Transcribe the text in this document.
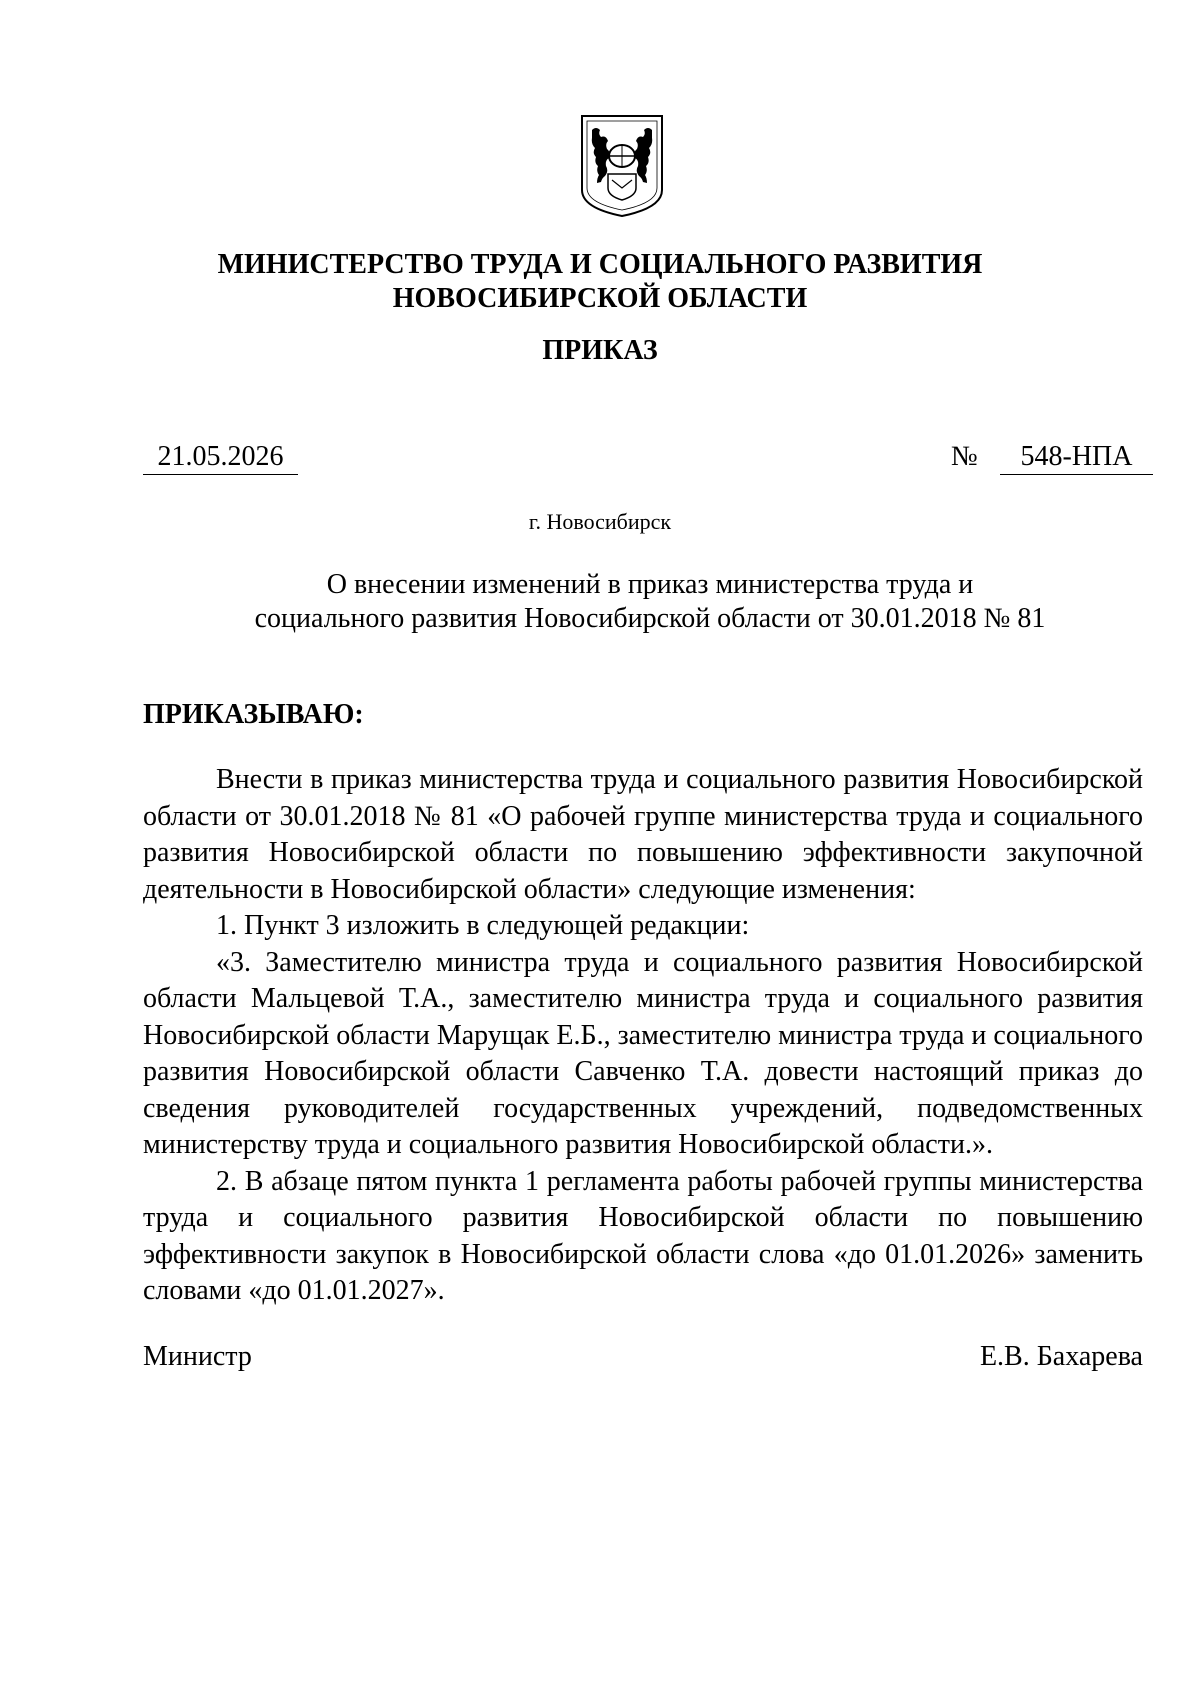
МИНИСТЕРСТВО ТРУДА И СОЦИАЛЬНОГО РАЗВИТИЯ
НОВОСИБИРСКОЙ ОБЛАСТИ
ПРИКАЗ
21.05.2026	№	548-НПА
г. Новосибирск
О внесении изменений в приказ министерства труда и
социального развития Новосибирской области от 30.01.2018 № 81
ПРИКАЗЫВАЮ:

Внести в приказ министерства труда и социального развития Новосибирской области от 30.01.2018 № 81 «О рабочей группе министерства труда и социального развития Новосибирской области по повышению эффективности закупочной деятельности в Новосибирской области» следующие изменения:

1. Пункт 3 изложить в следующей редакции:

«3. Заместителю министра труда и социального развития Новосибирской области Мальцевой Т.А., заместителю министра труда и социального развития Новосибирской области Марущак Е.Б., заместителю министра труда и социального развития Новосибирской области Савченко Т.А. довести настоящий приказ до сведения руководителей государственных учреждений, подведомственных министерству труда и социального развития Новосибирской области.».

2. В абзаце пятом пункта 1 регламента работы рабочей группы министерства труда и социального развития Новосибирской области по повышению эффективности закупок в Новосибирской области слова «до 01.01.2026» заменить словами «до 01.01.2027».

Министр	Е.В. Бахарева
